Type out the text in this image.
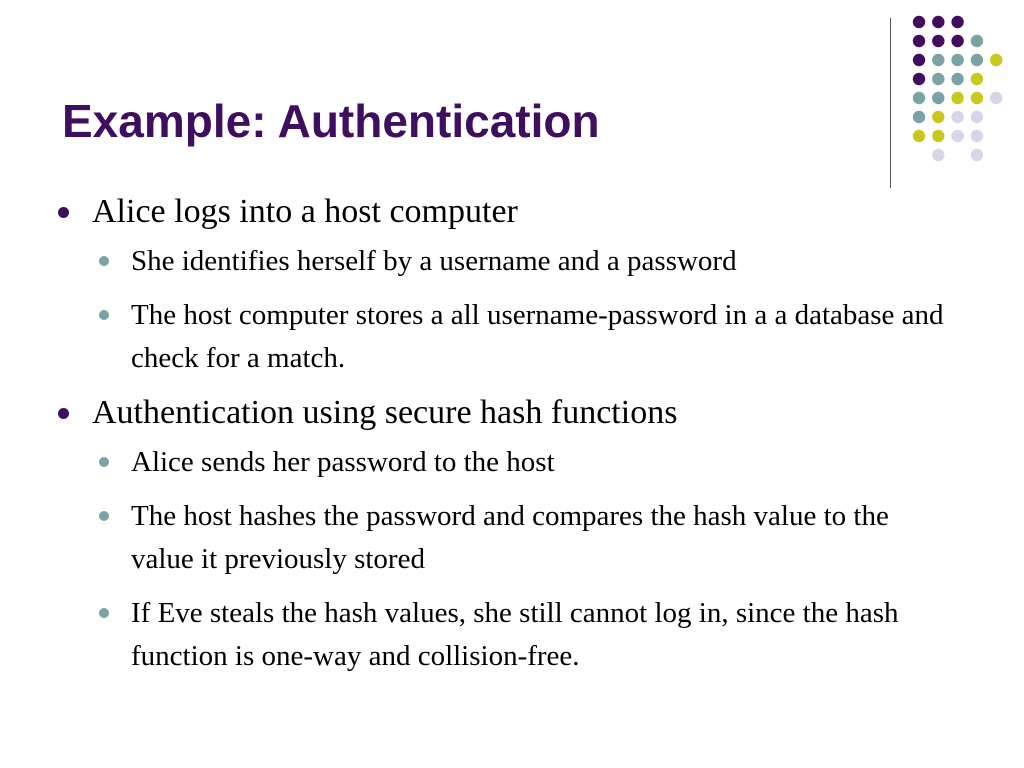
Example: Authentication
Alice logs into a host computer
She identifies herself by a username and a password
The host computer stores a all username-password in a a database and check for a match.
Authentication using secure hash functions
Alice sends her password to the host
The host hashes the password and compares the hash value to the value it previously stored
If Eve steals the hash values, she still cannot log in, since the hash function is one-way and collision-free.
